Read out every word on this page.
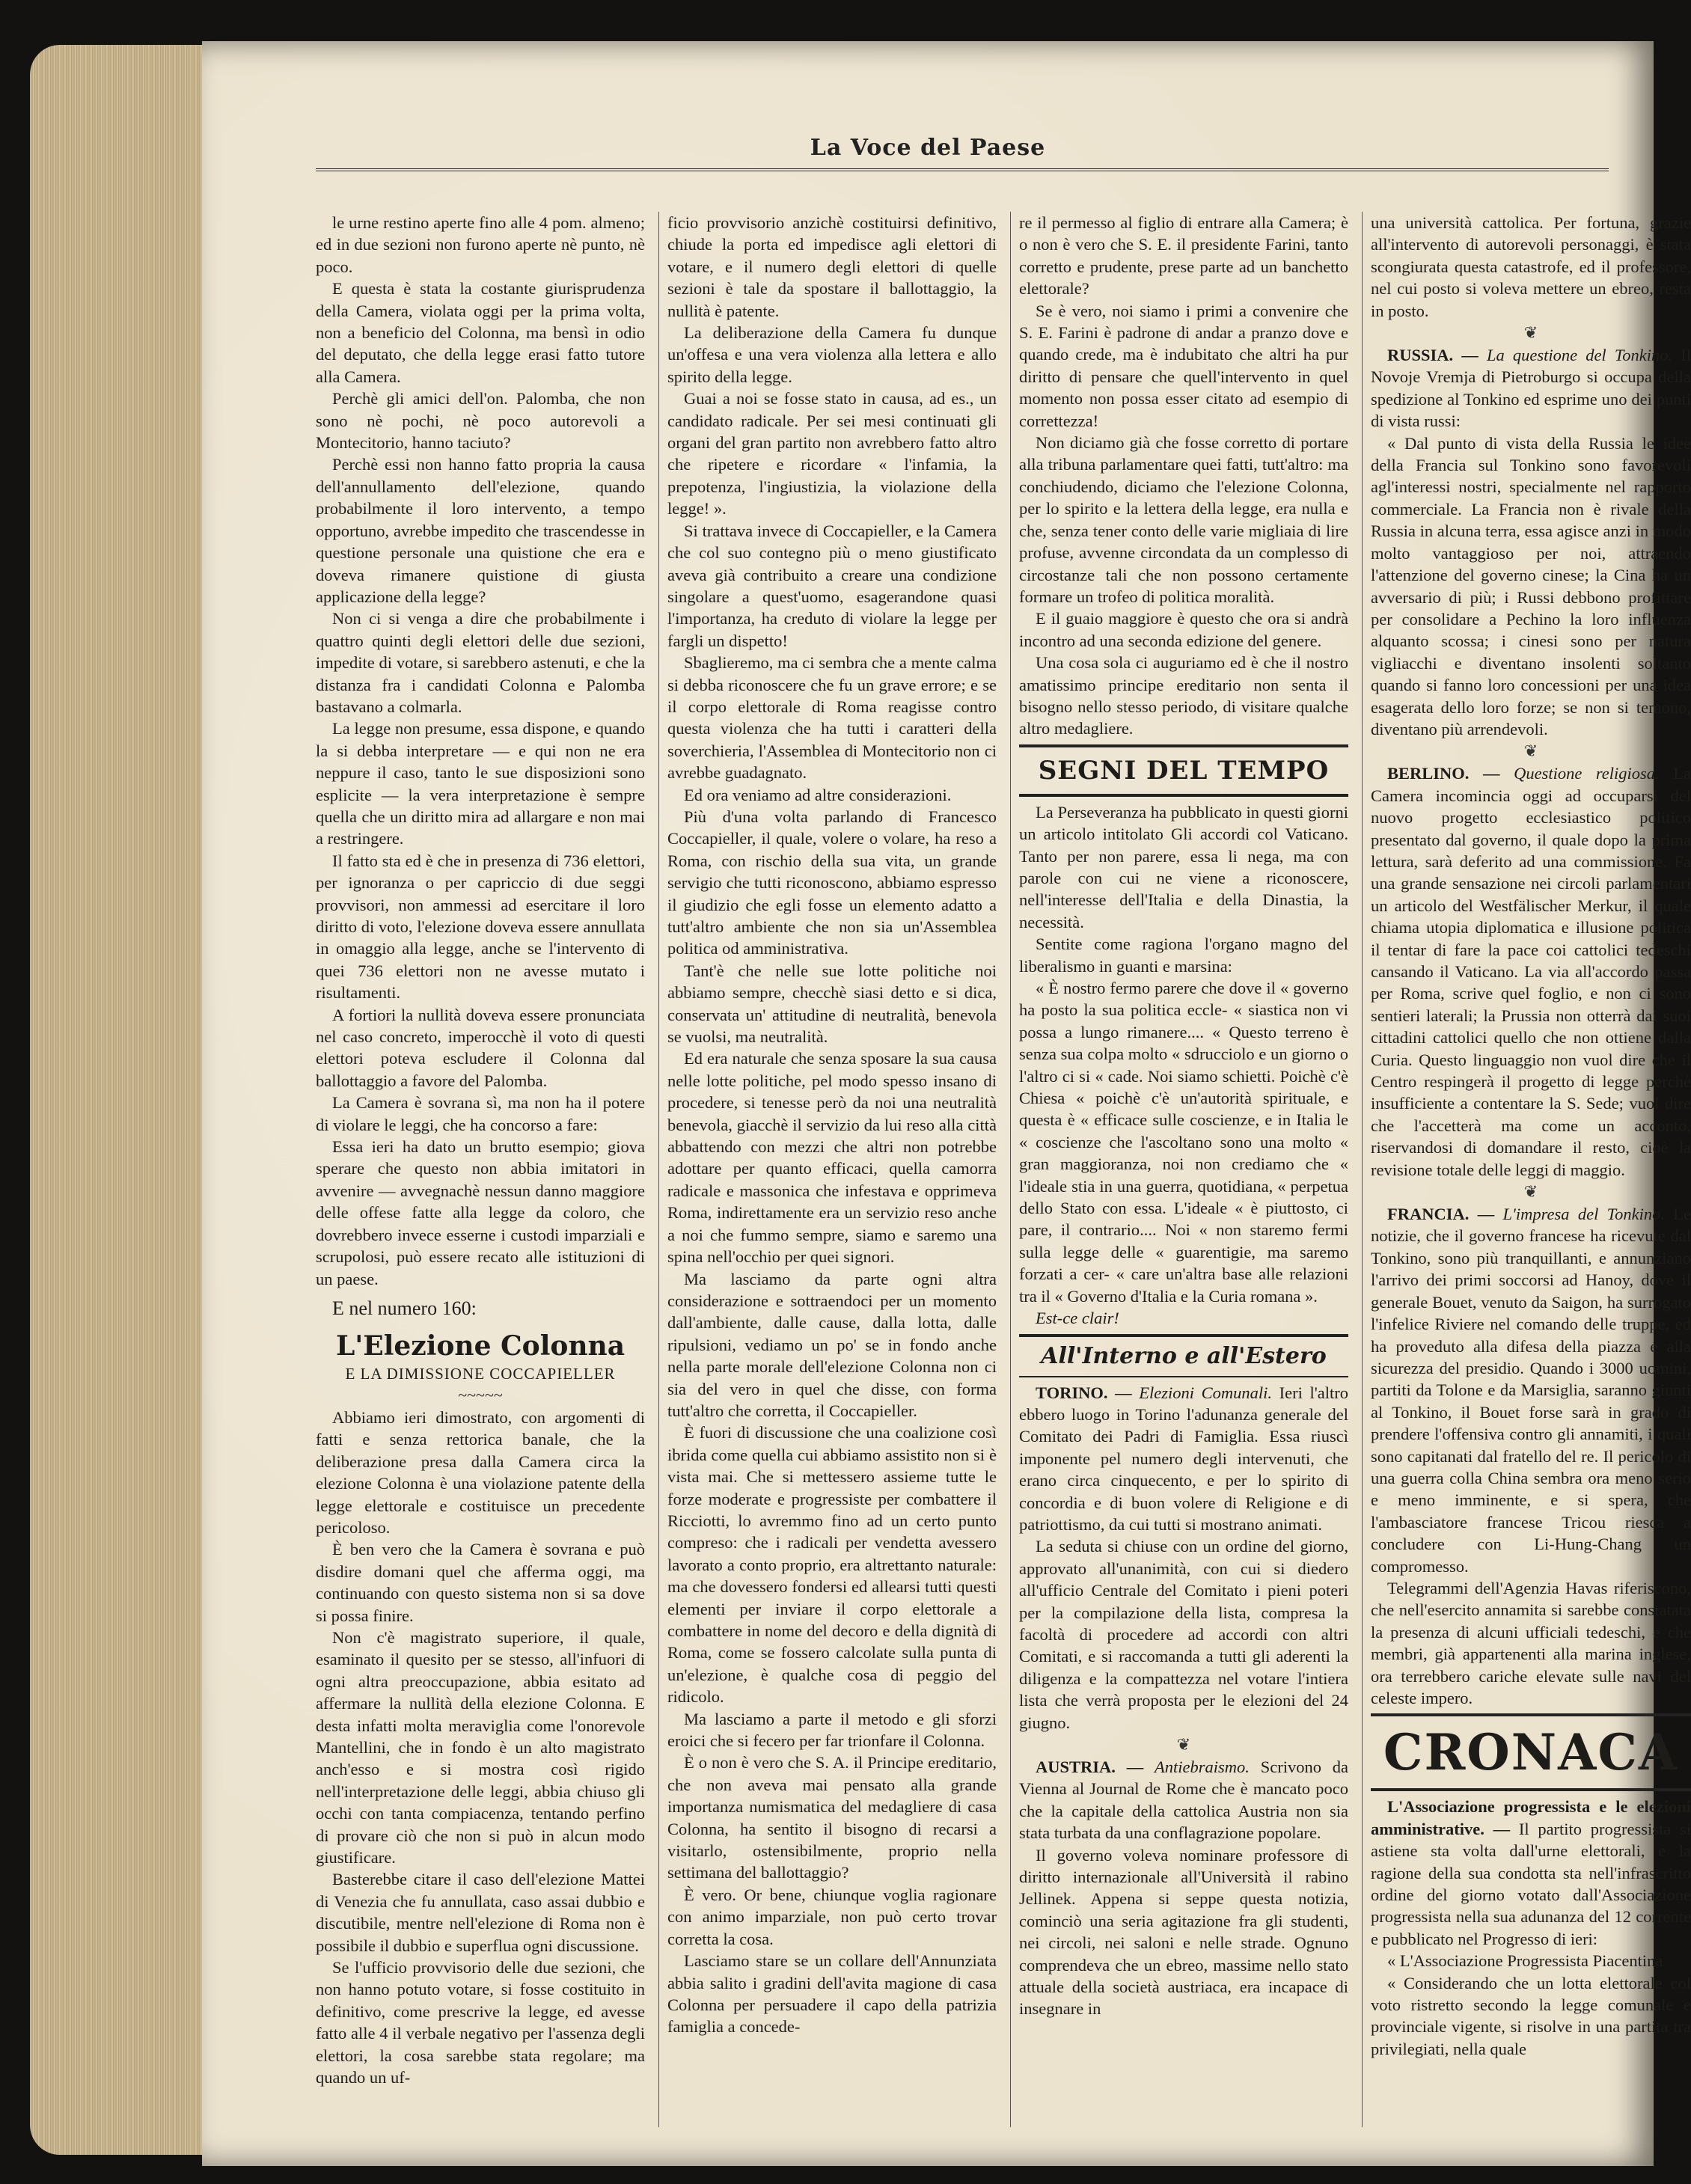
La Voce del Paese

le urne restino aperte fino alle 4 pom. almeno; ed in due sezioni non furono aperte nè punto, nè poco.

E questa è stata la costante giurisprudenza della Camera, violata oggi per la prima volta, non a beneficio del Colonna, ma bensì in odio del deputato, che della legge erasi fatto tutore alla Camera.

Perchè gli amici dell'on. Palomba, che non sono nè pochi, nè poco autorevoli a Montecitorio, hanno taciuto?

Perchè essi non hanno fatto propria la causa dell'annullamento dell'elezione, quando probabilmente il loro intervento, a tempo opportuno, avrebbe impedito che trascendesse in questione personale una quistione che era e doveva rimanere quistione di giusta applicazione della legge?

Non ci si venga a dire che probabilmente i quattro quinti degli elettori delle due sezioni, impedite di votare, si sarebbero astenuti, e che la distanza fra i candidati Colonna e Palomba bastavano a colmarla.

La legge non presume, essa dispone, e quando la si debba interpretare — e qui non ne era neppure il caso, tanto le sue disposizioni sono esplicite — la vera interpretazione è sempre quella che un diritto mira ad allargare e non mai a restringere.

Il fatto sta ed è che in presenza di 736 elettori, per ignoranza o per capriccio di due seggi provvisori, non ammessi ad esercitare il loro diritto di voto, l'elezione doveva essere annullata in omaggio alla legge, anche se l'intervento di quei 736 elettori non ne avesse mutato i risultamenti.

A fortiori la nullità doveva essere pronunciata nel caso concreto, imperocchè il voto di questi elettori poteva escludere il Colonna dal ballottaggio a favore del Palomba.

La Camera è sovrana sì, ma non ha il potere di violare le leggi, che ha concorso a fare:

Essa ieri ha dato un brutto esempio; giova sperare che questo non abbia imitatori in avvenire — avvegnachè nessun danno maggiore delle offese fatte alla legge da coloro, che dovrebbero invece esserne i custodi imparziali e scrupolosi, può essere recato alle istituzioni di un paese.

E nel numero 160:

L'Elezione Colonna
E LA DIMISSIONE COCCAPIELLER
~~~~~

Abbiamo ieri dimostrato, con argomenti di fatti e senza rettorica banale, che la deliberazione presa dalla Camera circa la elezione Colonna è una violazione patente della legge elettorale e costituisce un precedente pericoloso.

È ben vero che la Camera è sovrana e può disdire domani quel che afferma oggi, ma continuando con questo sistema non si sa dove si possa finire.

Non c'è magistrato superiore, il quale, esaminato il quesito per se stesso, all'infuori di ogni altra preoccupazione, abbia esitato ad affermare la nullità della elezione Colonna. E desta infatti molta meraviglia come l'onorevole Mantellini, che in fondo è un alto magistrato anch'esso e si mostra così rigido nell'interpretazione delle leggi, abbia chiuso gli occhi con tanta compiacenza, tentando perfino di provare ciò che non si può in alcun modo giustificare.

Basterebbe citare il caso dell'elezione Mattei di Venezia che fu annullata, caso assai dubbio e discutibile, mentre nell'elezione di Roma non è possibile il dubbio e superflua ogni discussione.

Se l'ufficio provvisorio delle due sezioni, che non hanno potuto votare, si fosse costituito in definitivo, come prescrive la legge, ed avesse fatto alle 4 il verbale negativo per l'assenza degli elettori, la cosa sarebbe stata regolare; ma quando un uf-

ficio provvisorio anzichè costituirsi definitivo, chiude la porta ed impedisce agli elettori di votare, e il numero degli elettori di quelle sezioni è tale da spostare il ballottaggio, la nullità è patente.

La deliberazione della Camera fu dunque un'offesa e una vera violenza alla lettera e allo spirito della legge.

Guai a noi se fosse stato in causa, ad es., un candidato radicale. Per sei mesi continuati gli organi del gran partito non avrebbero fatto altro che ripetere e ricordare « l'infamia, la prepotenza, l'ingiustizia, la violazione della legge! ».

Si trattava invece di Coccapieller, e la Camera che col suo contegno più o meno giustificato aveva già contribuito a creare una condizione singolare a quest'uomo, esagerandone quasi l'importanza, ha creduto di violare la legge per fargli un dispetto!

Sbaglieremo, ma ci sembra che a mente calma si debba riconoscere che fu un grave errore; e se il corpo elettorale di Roma reagisse contro questa violenza che ha tutti i caratteri della soverchieria, l'Assemblea di Montecitorio non ci avrebbe guadagnato.

Ed ora veniamo ad altre considerazioni.

Più d'una volta parlando di Francesco Coccapieller, il quale, volere o volare, ha reso a Roma, con rischio della sua vita, un grande servigio che tutti riconoscono, abbiamo espresso il giudizio che egli fosse un elemento adatto a tutt'altro ambiente che non sia un'Assemblea politica od amministrativa.

Tant'è che nelle sue lotte politiche noi abbiamo sempre, checchè siasi detto e si dica, conservata un' attitudine di neutralità, benevola se vuolsi, ma neutralità.

Ed era naturale che senza sposare la sua causa nelle lotte politiche, pel modo spesso insano di procedere, si tenesse però da noi una neutralità benevola, giacchè il servizio da lui reso alla città abbattendo con mezzi che altri non potrebbe adottare per quanto efficaci, quella camorra radicale e massonica che infestava e opprimeva Roma, indirettamente era un servizio reso anche a noi che fummo sempre, siamo e saremo una spina nell'occhio per quei signori.

Ma lasciamo da parte ogni altra considerazione e sottraendoci per un momento dall'ambiente, dalle cause, dalla lotta, dalle ripulsioni, vediamo un po' se in fondo anche nella parte morale dell'elezione Colonna non ci sia del vero in quel che disse, con forma tutt'altro che corretta, il Coccapieller.

È fuori di discussione che una coalizione così ibrida come quella cui abbiamo assistito non si è vista mai. Che si mettessero assieme tutte le forze moderate e progressiste per combattere il Ricciotti, lo avremmo fino ad un certo punto compreso: che i radicali per vendetta avessero lavorato a conto proprio, era altrettanto naturale: ma che dovessero fondersi ed allearsi tutti questi elementi per inviare il corpo elettorale a combattere in nome del decoro e della dignità di Roma, come se fossero calcolate sulla punta di un'elezione, è qualche cosa di peggio del ridicolo.

Ma lasciamo a parte il metodo e gli sforzi eroici che si fecero per far trionfare il Colonna.

È o non è vero che S. A. il Principe ereditario, che non aveva mai pensato alla grande importanza numismatica del medagliere di casa Colonna, ha sentito il bisogno di recarsi a visitarlo, ostensibilmente, proprio nella settimana del ballottaggio?

È vero. Or bene, chiunque voglia ragionare con animo imparziale, non può certo trovar corretta la cosa.

Lasciamo stare se un collare dell'Annunziata abbia salito i gradini dell'avita magione di casa Colonna per persuadere il capo della patrizia famiglia a concede-

re il permesso al figlio di entrare alla Camera; è o non è vero che S. E. il presidente Farini, tanto corretto e prudente, prese parte ad un banchetto elettorale?

Se è vero, noi siamo i primi a convenire che S. E. Farini è padrone di andar a pranzo dove e quando crede, ma è indubitato che altri ha pur diritto di pensare che quell'intervento in quel momento non possa esser citato ad esempio di correttezza!

Non diciamo già che fosse corretto di portare alla tribuna parlamentare quei fatti, tutt'altro: ma conchiudendo, diciamo che l'elezione Colonna, per lo spirito e la lettera della legge, era nulla e che, senza tener conto delle varie migliaia di lire profuse, avvenne circondata da un complesso di circostanze tali che non possono certamente formare un trofeo di politica moralità.

E il guaio maggiore è questo che ora si andrà incontro ad una seconda edizione del genere.

Una cosa sola ci auguriamo ed è che il nostro amatissimo principe ereditario non senta il bisogno nello stesso periodo, di visitare qualche altro medagliere.

SEGNI DEL TEMPO

La Perseveranza ha pubblicato in questi giorni un articolo intitolato Gli accordi col Vaticano. Tanto per non parere, essa li nega, ma con parole con cui ne viene a riconoscere, nell'interesse dell'Italia e della Dinastia, la necessità.

Sentite come ragiona l'organo magno del liberalismo in guanti e marsina:

« È nostro fermo parere che dove il « governo ha posto la sua politica eccle- « siastica non vi possa a lungo rimanere.... « Questo terreno è senza sua colpa molto « sdrucciolo e un giorno o l'altro ci si « cade. Noi siamo schietti. Poichè c'è Chiesa « poichè c'è un'autorità spirituale, e questa è « efficace sulle coscienze, e in Italia le « coscienze che l'ascoltano sono una molto « gran maggioranza, noi non crediamo che « l'ideale stia in una guerra, quotidiana, « perpetua dello Stato con essa. L'ideale « è piuttosto, ci pare, il contrario.... Noi « non staremo fermi sulla legge delle « guarentigie, ma saremo forzati a cer- « care un'altra base alle relazioni tra il « Governo d'Italia e la Curia romana ».

Est-ce clair!

All'Interno e all'Estero

TORINO. — Elezioni Comunali. Ieri l'altro ebbero luogo in Torino l'adunanza generale del Comitato dei Padri di Famiglia. Essa riuscì imponente pel numero degli intervenuti, che erano circa cinquecento, e per lo spirito di concordia e di buon volere di Religione e di patriottismo, da cui tutti si mostrano animati.

La seduta si chiuse con un ordine del giorno, approvato all'unanimità, con cui si diedero all'ufficio Centrale del Comitato i pieni poteri per la compilazione della lista, compresa la facoltà di procedere ad accordi con altri Comitati, e si raccomanda a tutti gli aderenti la diligenza e la compattezza nel votare l'intiera lista che verrà proposta per le elezioni del 24 giugno.

❦

AUSTRIA. — Antiebraismo. Scrivono da Vienna al Journal de Rome che è mancato poco che la capitale della cattolica Austria non sia stata turbata da una conflagrazione popolare.

Il governo voleva nominare professore di diritto internazionale all'Università il rabino Jellinek. Appena si seppe questa notizia, cominciò una seria agitazione fra gli studenti, nei circoli, nei saloni e nelle strade. Ognuno comprendeva che un ebreo, massime nello stato attuale della società austriaca, era incapace di insegnare in

una università cattolica. Per fortuna, grazie all'intervento di autorevoli personaggi, è stata scongiurata questa catastrofe, ed il professore, nel cui posto si voleva mettere un ebreo, resta in posto.

❦

RUSSIA. — La questione del Tonkino. Il Novoje Vremja di Pietroburgo si occupa della spedizione al Tonkino ed esprime uno dei punti di vista russi:

« Dal punto di vista della Russia le idee della Francia sul Tonkino sono favorevoli agl'interessi nostri, specialmente nel rapporto commerciale. La Francia non è rivale della Russia in alcuna terra, essa agisce anzi in modo molto vantaggioso per noi, attraendo l'attenzione del governo cinese; la Cina ha un avversario di più; i Russi debbono profittare per consolidare a Pechino la loro influenza alquanto scossa; i cinesi sono per natura vigliacchi e diventano insolenti soltanto quando si fanno loro concessioni per una idea esagerata dello loro forze; se non si temono, diventano più arrendevoli.

❦

BERLINO. — Questione religiosa. La Camera incomincia oggi ad occuparsi del nuovo progetto ecclesiastico politico presentato dal governo, il quale dopo la prima lettura, sarà deferito ad una commissione. Fa una grande sensazione nei circoli parlamentari un articolo del Westfälischer Merkur, il quale chiama utopia diplomatica e illusione politica il tentar di fare la pace coi cattolici tedeschi cansando il Vaticano. La via all'accordo passa per Roma, scrive quel foglio, e non ci sono sentieri laterali; la Prussia non otterrà dai suoi cittadini cattolici quello che non ottiene dalla Curia. Questo linguaggio non vuol dire che il Centro respingerà il progetto di legge perchè insufficiente a contentare la S. Sede; vuol dire che l'accetterà ma come un acconto, riservandosi di domandare il resto, cioè la revisione totale delle leggi di maggio.

❦

FRANCIA. — L'impresa del Tonkino. Le notizie, che il governo francese ha ricevute dal Tonkino, sono più tranquillanti, e annunziano l'arrivo dei primi soccorsi ad Hanoy, dove il generale Bouet, venuto da Saigon, ha surrogato l'infelice Riviere nel comando delle truppe, ed ha proveduto alla difesa della piazza e alla sicurezza del presidio. Quando i 3000 uomini, partiti da Tolone e da Marsiglia, saranno giunti al Tonkino, il Bouet forse sarà in grado di prendere l'offensiva contro gli annamiti, i quali sono capitanati dal fratello del re. Il pericolo di una guerra colla China sembra ora meno serio e meno imminente, e si spera, che l'ambasciatore francese Tricou riesca a concludere con Li-Hung-Chang un compromesso.

Telegrammi dell'Agenzia Havas riferiscono, che nell'esercito annamita si sarebbe constatata la presenza di alcuni ufficiali tedeschi, e che membri, già appartenenti alla marina inglese, ora terrebbero cariche elevate sulle navi del celeste impero.

CRONACA

L'Associazione progressista e le elezioni amministrative. — Il partito progressista si astiene sta volta dall'urne elettorali, e la ragione della sua condotta sta nell'infrascritto ordine del giorno votato dall'Associazione progressista nella sua adunanza del 12 corrente e pubblicato nel Progresso di ieri:

« L'Associazione Progressista Piacentina

« Considerando che un lotta elettorale col voto ristretto secondo la legge comunale e provinciale vigente, si risolve in una partita tra privilegiati, nella quale
